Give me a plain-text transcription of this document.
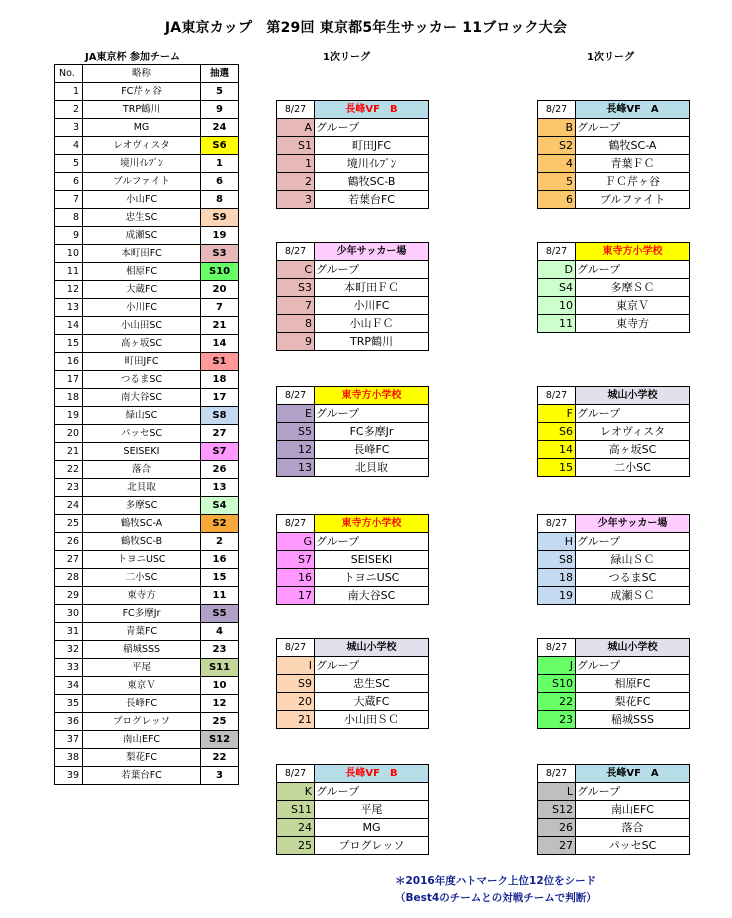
JA東京カップ　第29回 東京都5年生サッカー 11ブロック大会
JA東京杯 参加チーム	1次リーグ	1次リーグ
No.	略称	抽選
1	FC芹ヶ谷	5
2	TRP鶴川	9
3	MG	24
4	レオヴィスタ	S6
5	境川ｲﾚﾌﾞﾝ	1
6	ブルファイト	6
7	小山FC	8
8	忠生SC	S9
9	成瀬SC	19
10	本町田FC	S3
11	相原FC	S10
12	大蔵FC	20
13	小川FC	7
14	小山田SC	21
15	高ヶ坂SC	14
16	町田JFC	S1
17	つるまSC	18
18	南大谷SC	17
19	緑山SC	S8
20	パッセSC	27
21	SEISEKI	S7
22	落合	26
23	北貝取	13
24	多摩SC	S4
25	鶴牧SC-A	S2
26	鶴牧SC-B	2
27	トヨニUSC	16
28	二小SC	15
29	東寺方	11
30	FC多摩Jr	S5
31	青葉FC	4
32	稲城SSS	23
33	平尾	S11
34	東京Ｖ	10
35	長峰FC	12
36	プログレッソ	25
37	南山EFC	S12
38	梨花FC	22
39	若葉台FC	3
8/27	長峰VF　B
A	グループ
S1	町田JFC
1	境川ｲﾚﾌﾞﾝ
2	鶴牧SC-B
3	若葉台FC
8/27	長峰VF　A
B	グループ
S2	鶴牧SC-A
4	青葉ＦＣ
5	ＦＣ芹ヶ谷
6	ブルファイト
8/27	少年サッカー場
C	グループ
S3	本町田ＦＣ
7	小川FC
8	小山ＦＣ
9	TRP鶴川
8/27	東寺方小学校
D	グループ
S4	多摩ＳＣ
10	東京Ｖ
11	東寺方
8/27	東寺方小学校
E	グループ
S5	FC多摩Jr
12	長峰FC
13	北貝取
8/27	城山小学校
F	グループ
S6	レオヴィスタ
14	高ヶ坂SC
15	二小SC
8/27	東寺方小学校
G	グループ
S7	SEISEKI
16	トヨニUSC
17	南大谷SC
8/27	少年サッカー場
H	グループ
S8	緑山ＳＣ
18	つるまSC
19	成瀬ＳＣ
8/27	城山小学校
I	グループ
S9	忠生SC
20	大蔵FC
21	小山田ＳＣ
8/27	城山小学校
J	グループ
S10	相原FC
22	梨花FC
23	稲城SSS
8/27	長峰VF　B
K	グループ
S11	平尾
24	MG
25	プログレッソ
8/27	長峰VF　A
L	グループ
S12	南山EFC
26	落合
27	パッセSC
＊2016年度ハトマーク上位12位をシード
（Best4のチームとの対戦チームで判断）
